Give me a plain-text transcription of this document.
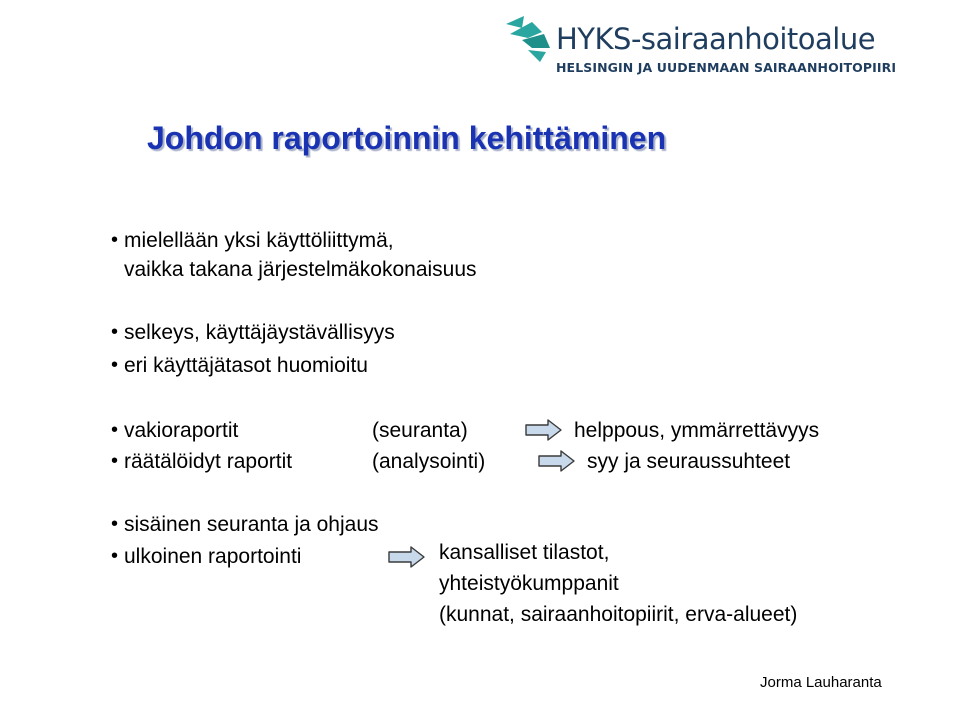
HYKS-sairaanhoitoalue
HELSINGIN JA UUDENMAAN SAIRAANHOITOPIIRI
Johdon raportoinnin kehittäminen
• mielellään yksi käyttöliittymä,
vaikka takana järjestelmäkokonaisuus
• selkeys, käyttäjäystävällisyys
• eri käyttäjätasot huomioitu
• vakioraportit	(seuranta)	helppous, ymmärrettävyys
• räätälöidyt raportit	(analysointi)	syy ja seuraussuhteet
• sisäinen seuranta ja ohjaus
• ulkoinen raportointi	kansalliset tilastot,
yhteistyökumppanit
(kunnat, sairaanhoitopiirit, erva-alueet)
Jorma Lauharanta
